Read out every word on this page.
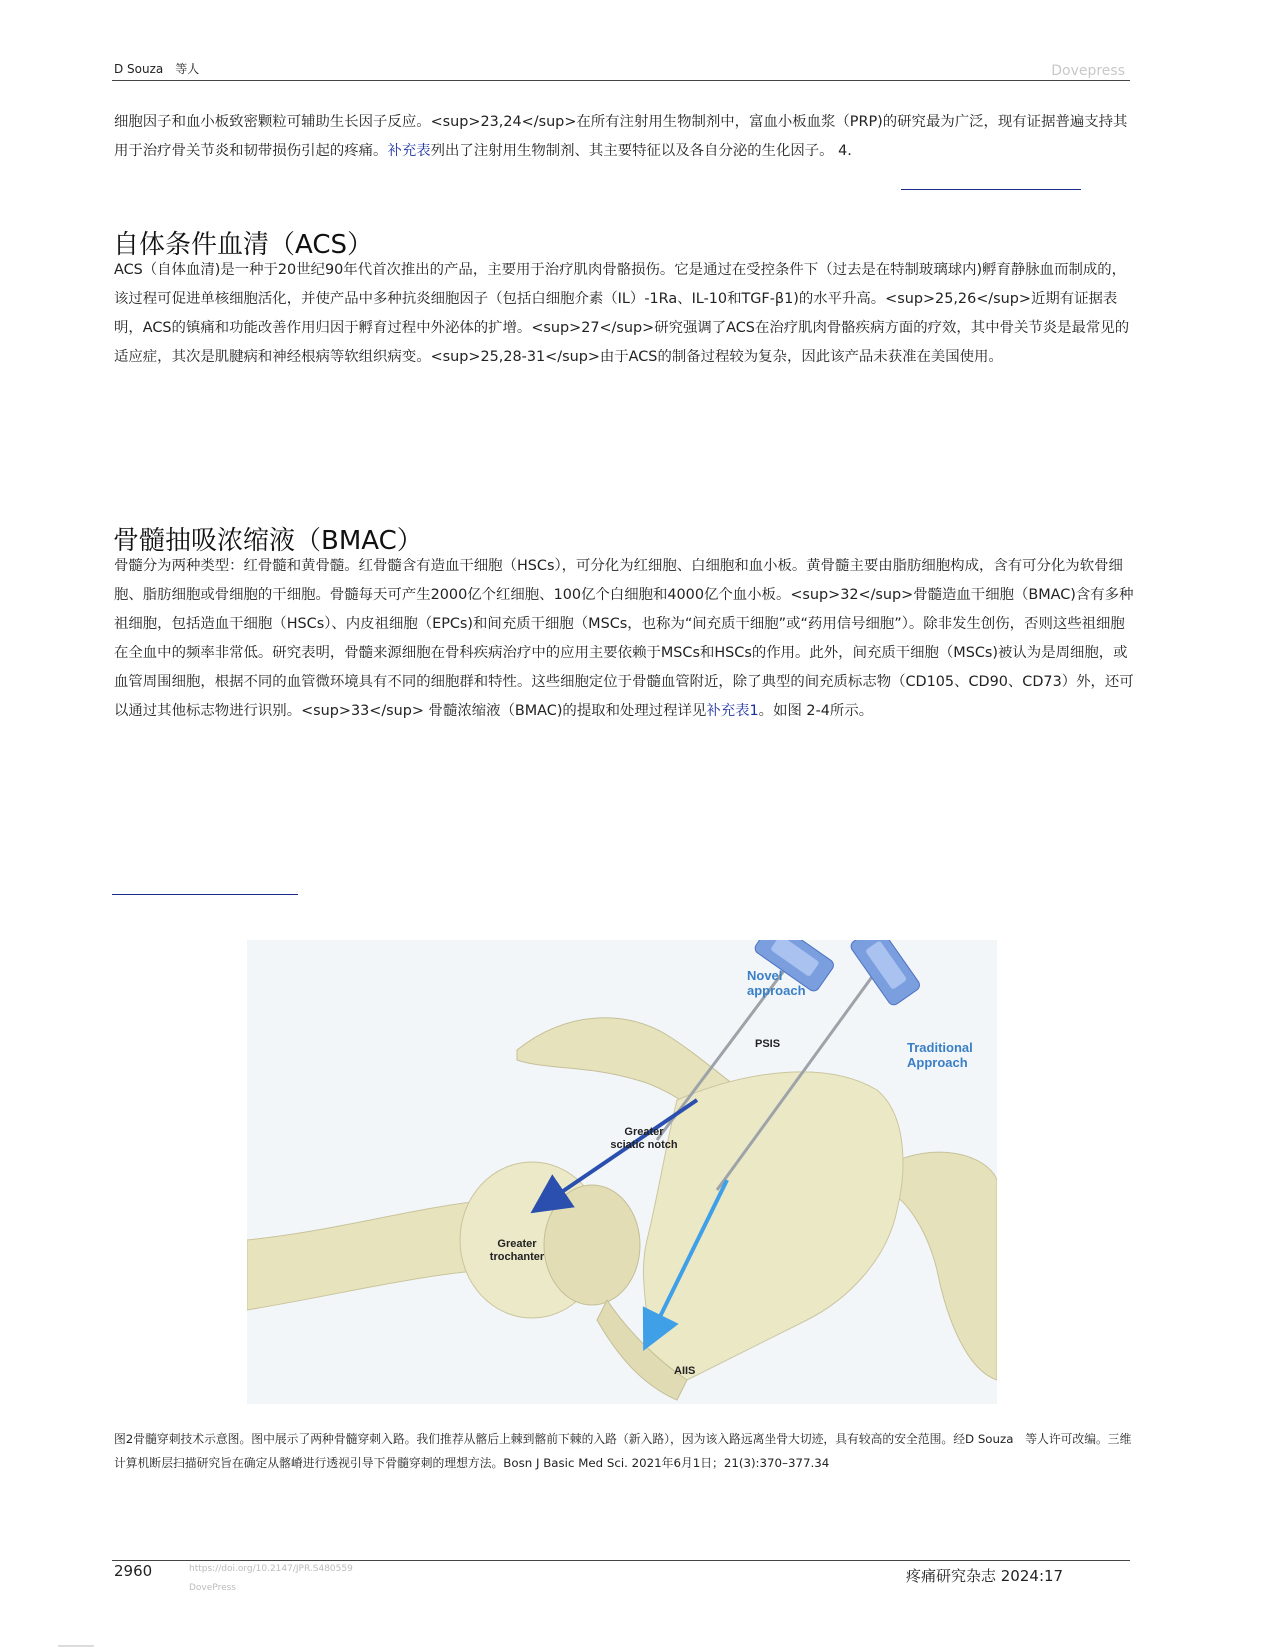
D Souza　等人	Dovepress

细胞因子和血小板致密颗粒可辅助生长因子反应。<sup>23,24</sup>在所有注射用生物制剂中，富血小板血浆（PRP)的研究最为广泛，现有证据普遍支持其用于治疗骨关节炎和韧带损伤引起的疼痛。补充表列出了注射用生物制剂、其主要特征以及各自分泌的生化因子。 4.

自体条件血清（ACS）

ACS（自体血清)是一种于20世纪90年代首次推出的产品，主要用于治疗肌肉骨骼损伤。它是通过在受控条件下（过去是在特制玻璃球内)孵育静脉血而制成的，该过程可促进单核细胞活化，并使产品中多种抗炎细胞因子（包括白细胞介素（IL）-1Ra、IL-10和TGF-β1)的水平升高。<sup>25,26</sup>近期有证据表明，ACS的镇痛和功能改善作用归因于孵育过程中外泌体的扩增。<sup>27</sup>研究强调了ACS在治疗肌肉骨骼疾病方面的疗效，其中骨关节炎是最常见的适应症，其次是肌腱病和神经根病等软组织病变。<sup>25,28-31</sup>由于ACS的制备过程较为复杂，因此该产品未获准在美国使用。

骨髓抽吸浓缩液（BMAC）

骨髓分为两种类型：红骨髓和黄骨髓。红骨髓含有造血干细胞（HSCs），可分化为红细胞、白细胞和血小板。黄骨髓主要由脂肪细胞构成，含有可分化为软骨细胞、脂肪细胞或骨细胞的干细胞。骨髓每天可产生2000亿个红细胞、100亿个白细胞和4000亿个血小板。<sup>32</sup>骨髓造血干细胞（BMAC)含有多种祖细胞，包括造血干细胞（HSCs）、内皮祖细胞（EPCs)和间充质干细胞（MSCs，也称为“间充质干细胞”或“药用信号细胞”）。除非发生创伤，否则这些祖细胞在全血中的频率非常低。研究表明，骨髓来源细胞在骨科疾病治疗中的应用主要依赖于MSCs和HSCs的作用。此外，间充质干细胞（MSCs)被认为是周细胞，或血管周围细胞，根据不同的血管微环境具有不同的细胞群和特性。这些细胞定位于骨髓血管附近，除了典型的间充质标志物（CD105、CD90、CD73）外，还可以通过其他标志物进行识别。<sup>33</sup> 骨髓浓缩液（BMAC)的提取和处理过程详见补充表1。如图 2-4所示。

Novel approach
Traditional Approach
PSIS
Greater sciatic notch
Greater trochanter
AIIS

图2骨髓穿刺技术示意图。图中展示了两种骨髓穿刺入路。我们推荐从髂后上棘到髂前下棘的入路（新入路），因为该入路远离坐骨大切迹，具有较高的安全范围。经D Souza　等人许可改编。三维计算机断层扫描研究旨在确定从髂嵴进行透视引导下骨髓穿刺的理想方法。Bosn J Basic Med Sci. 2021年6月1日；21(3):370–377.34

2960	https://doi.org/10.2147/JPR.S480559
DovePress
疼痛研究杂志 2024:17
